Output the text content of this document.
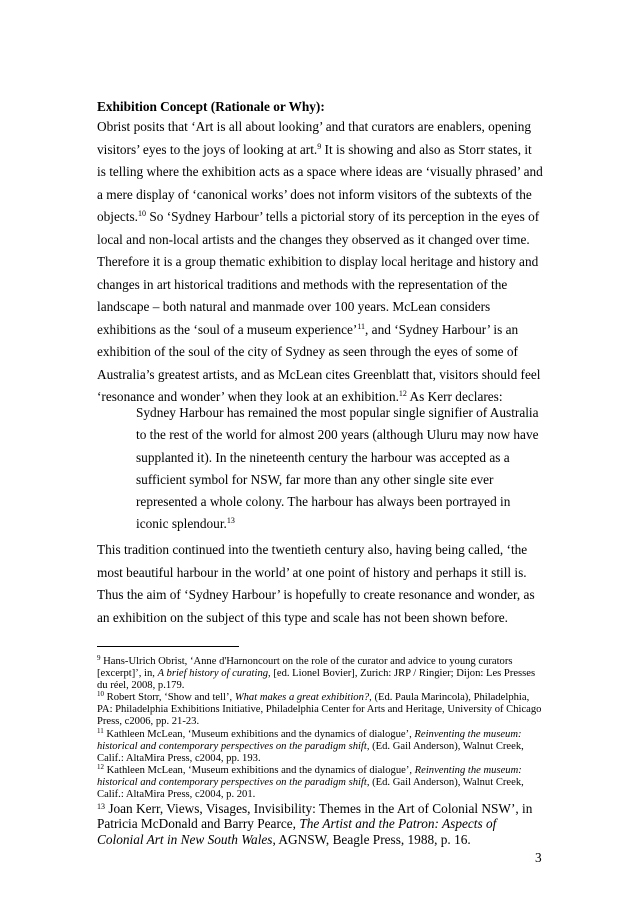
Exhibition Concept (Rationale or Why):
Obrist posits that ‘Art is all about looking’ and that curators are enablers, opening visitors’ eyes to the joys of looking at art.$^9$ It is showing and also as Storr states, it is telling where the exhibition acts as a space where ideas are ‘visually phrased’ and a mere display of ‘canonical works’ does not inform visitors of the subtexts of the objects.$^{10}$ So ‘Sydney Harbour’ tells a pictorial story of its perception in the eyes of local and non-local artists and the changes they observed as it changed over time. Therefore it is a group thematic exhibition to display local heritage and history and changes in art historical traditions and methods with the representation of the landscape – both natural and manmade over 100 years. McLean considers exhibitions as the ‘soul of a museum experience’$^{11}$, and ‘Sydney Harbour’ is an exhibition of the soul of the city of Sydney as seen through the eyes of some of Australia’s greatest artists, and as McLean cites Greenblatt that, visitors should feel ‘resonance and wonder’ when they look at an exhibition.$^{12}$ As Kerr declares:
Sydney Harbour has remained the most popular single signifier of Australia to the rest of the world for almost 200 years (although Uluru may now have supplanted it). In the nineteenth century the harbour was accepted as a sufficient symbol for NSW, far more than any other single site ever represented a whole colony. The harbour has always been portrayed in iconic splendour.$^{13}$
This tradition continued into the twentieth century also, having being called, ‘the most beautiful harbour in the world’ at one point of history and perhaps it still is. Thus the aim of ‘Sydney Harbour’ is hopefully to create resonance and wonder, as an exhibition on the subject of this type and scale has not been shown before.

$^9$ Hans-Ulrich Obrist, ‘Anne d'Harnoncourt on the role of the curator and advice to young curators [excerpt]’, in, A brief history of curating, [ed. Lionel Bovier], Zurich: JRP / Ringier; Dijon: Les Presses du réel, 2008, p.179.

$^{10}$ Robert Storr, ‘Show and tell’, What makes a great exhibition?, (Ed. Paula Marincola), Philadelphia, PA: Philadelphia Exhibitions Initiative, Philadelphia Center for Arts and Heritage, University of Chicago Press, c2006, pp. 21-23.

$^{11}$ Kathleen McLean, ‘Museum exhibitions and the dynamics of dialogue’, Reinventing the museum: historical and contemporary perspectives on the paradigm shift, (Ed. Gail Anderson), Walnut Creek, Calif.: AltaMira Press, c2004, pp. 193.

$^{12}$ Kathleen McLean, ‘Museum exhibitions and the dynamics of dialogue’, Reinventing the museum: historical and contemporary perspectives on the paradigm shift, (Ed. Gail Anderson), Walnut Creek, Calif.: AltaMira Press, c2004, p. 201.

$^{13}$ Joan Kerr, Views, Visages, Invisibility: Themes in the Art of Colonial NSW’, in Patricia McDonald and Barry Pearce, The Artist and the Patron: Aspects of Colonial Art in New South Wales, AGNSW, Beagle Press, 1988, p. 16.

3
